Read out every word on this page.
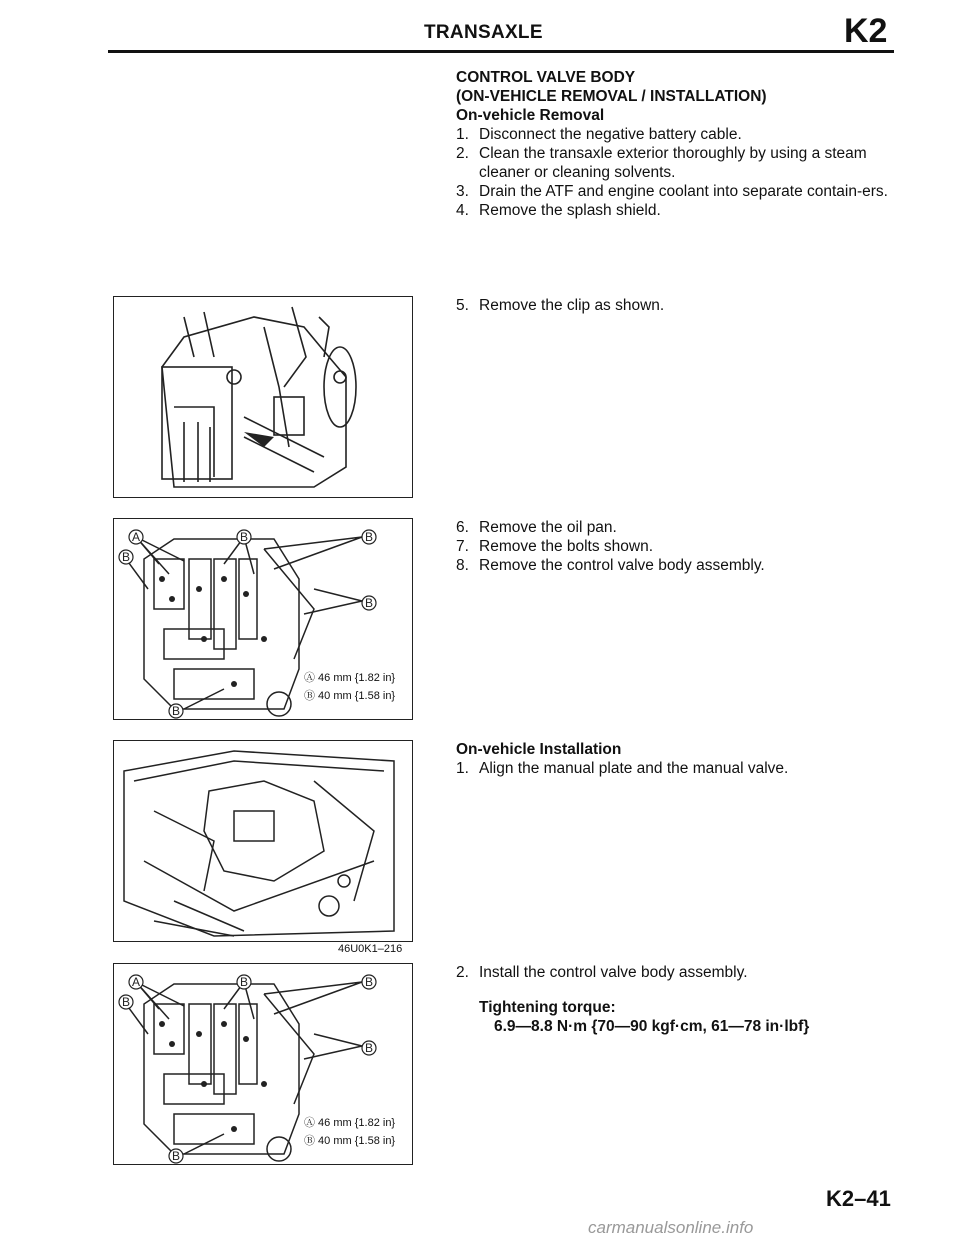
TRANSAXLE	K2
CONTROL VALVE BODY
(ON-VEHICLE REMOVAL / INSTALLATION)
On-vehicle Removal
1. Disconnect the negative battery cable.
2. Clean the transaxle exterior thoroughly by using a steam cleaner or cleaning solvents.
3. Drain the ATF and engine coolant into separate contain-ers.
4. Remove the splash shield.
5. Remove the clip as shown.
A	B	B
B
B
B
Ⓐ 46 mm {1.82 in}
Ⓑ 40 mm {1.58 in}
6. Remove the oil pan.
7. Remove the bolts shown.
8. Remove the control valve body assembly.
46U0K1–216
On-vehicle Installation
1. Align the manual plate and the manual valve.
A	B	B
B
B
B
Ⓐ 46 mm {1.82 in}
Ⓑ 40 mm {1.58 in}
2. Install the control valve body assembly.
Tightening torque:
6.9—8.8 N·m {70—90 kgf·cm, 61—78 in·lbf}
K2–41
carmanualsonline.info
